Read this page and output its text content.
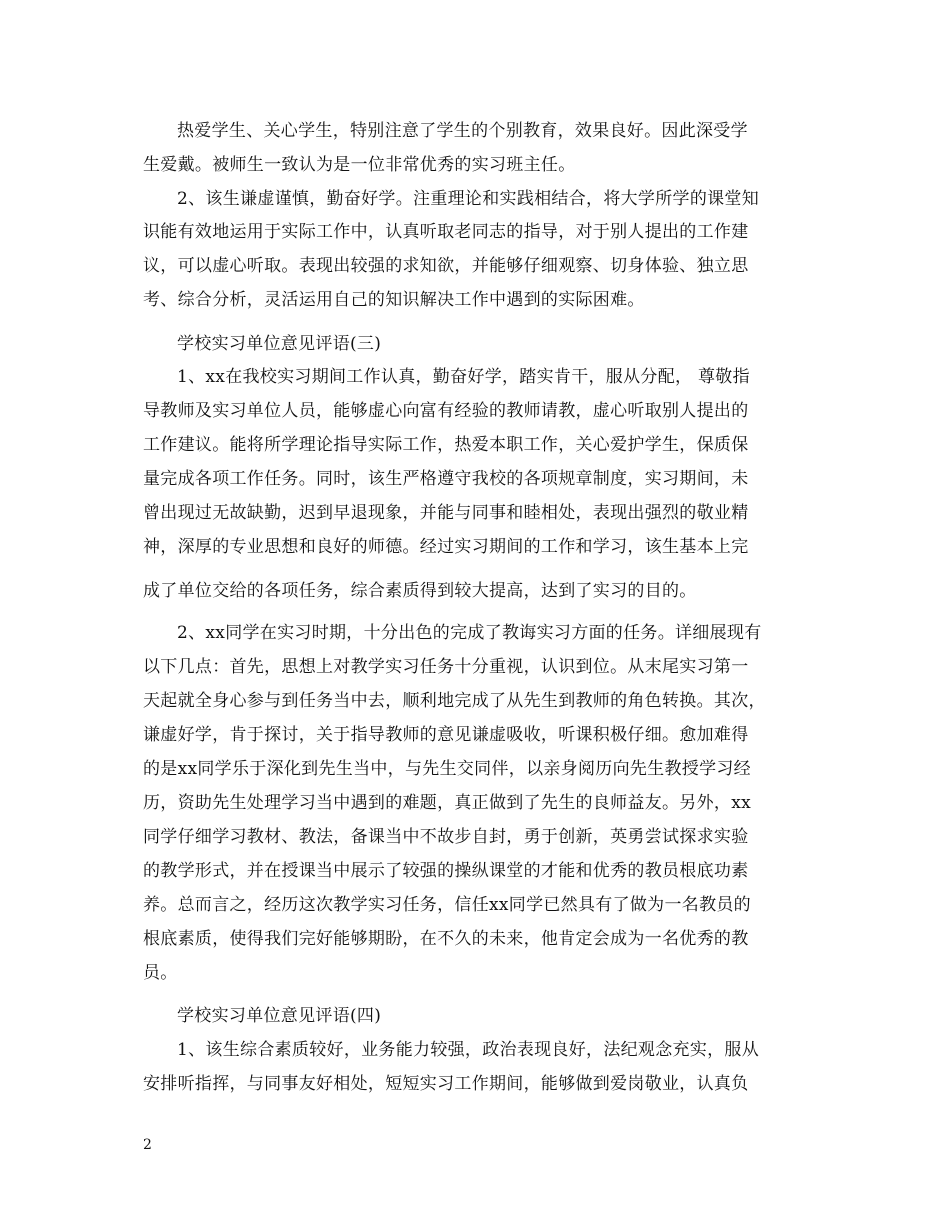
热爱学生、关心学生，特别注意了学生的个别教育，效果良好。因此深受学
生爱戴。被师生一致认为是一位非常优秀的实习班主任。
2、该生谦虚谨慎，勤奋好学。注重理论和实践相结合，将大学所学的课堂知
识能有效地运用于实际工作中，认真听取老同志的指导，对于别人提出的工作建
议，可以虚心听取。表现出较强的求知欲，并能够仔细观察、切身体验、独立思
考、综合分析，灵活运用自己的知识解决工作中遇到的实际困难。
学校实习单位意见评语(三)
1、xx在我校实习期间工作认真，勤奋好学，踏实肯干，服从分配， 尊敬指
导教师及实习单位人员，能够虚心向富有经验的教师请教，虚心听取别人提出的
工作建议。能将所学理论指导实际工作，热爱本职工作，关心爱护学生，保质保
量完成各项工作任务。同时，该生严格遵守我校的各项规章制度，实习期间，未
曾出现过无故缺勤，迟到早退现象，并能与同事和睦相处，表现出强烈的敬业精
神，深厚的专业思想和良好的师德。经过实习期间的工作和学习，该生基本上完
成了单位交给的各项任务，综合素质得到较大提高，达到了实习的目的。
2、xx同学在实习时期，十分出色的完成了教诲实习方面的任务。详细展现有
以下几点：首先，思想上对教学实习任务十分重视，认识到位。从末尾实习第一
天起就全身心参与到任务当中去，顺利地完成了从先生到教师的角色转换。其次，
谦虚好学，肯于探讨，关于指导教师的意见谦虚吸收，听课积极仔细。愈加难得
的是xx同学乐于深化到先生当中，与先生交同伴，以亲身阅历向先生教授学习经
历，资助先生处理学习当中遇到的难题，真正做到了先生的良师益友。另外，xx
同学仔细学习教材、教法，备课当中不故步自封，勇于创新，英勇尝试探求实验
的教学形式，并在授课当中展示了较强的操纵课堂的才能和优秀的教员根底功素
养。总而言之，经历这次教学实习任务，信任xx同学已然具有了做为一名教员的
根底素质，使得我们完好能够期盼，在不久的未来，他肯定会成为一名优秀的教
员。
学校实习单位意见评语(四)
1、该生综合素质较好，业务能力较强，政治表现良好，法纪观念充实，服从
安排听指挥，与同事友好相处，短短实习工作期间，能够做到爱岗敬业，认真负
2
